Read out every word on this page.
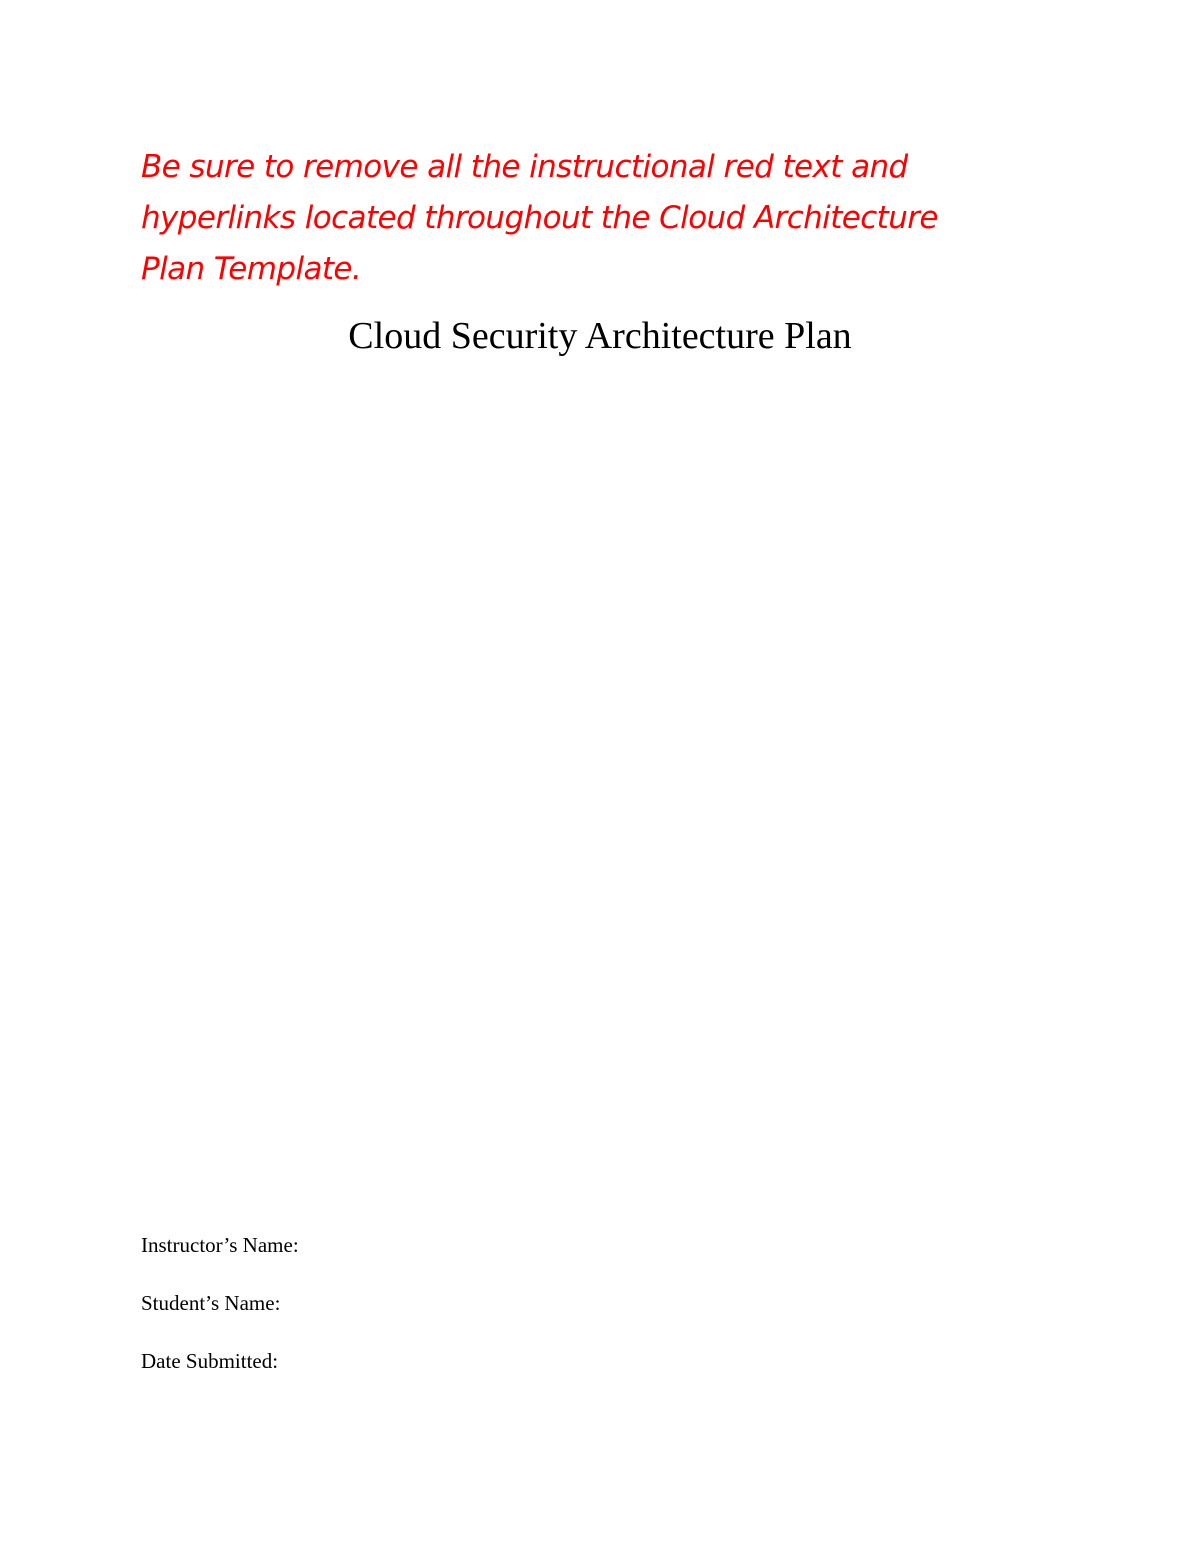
Be sure to remove all the instructional red text and
hyperlinks located throughout the Cloud Architecture
Plan Template.

Cloud Security Architecture Plan

Instructor’s Name:

Student’s Name:

Date Submitted:
